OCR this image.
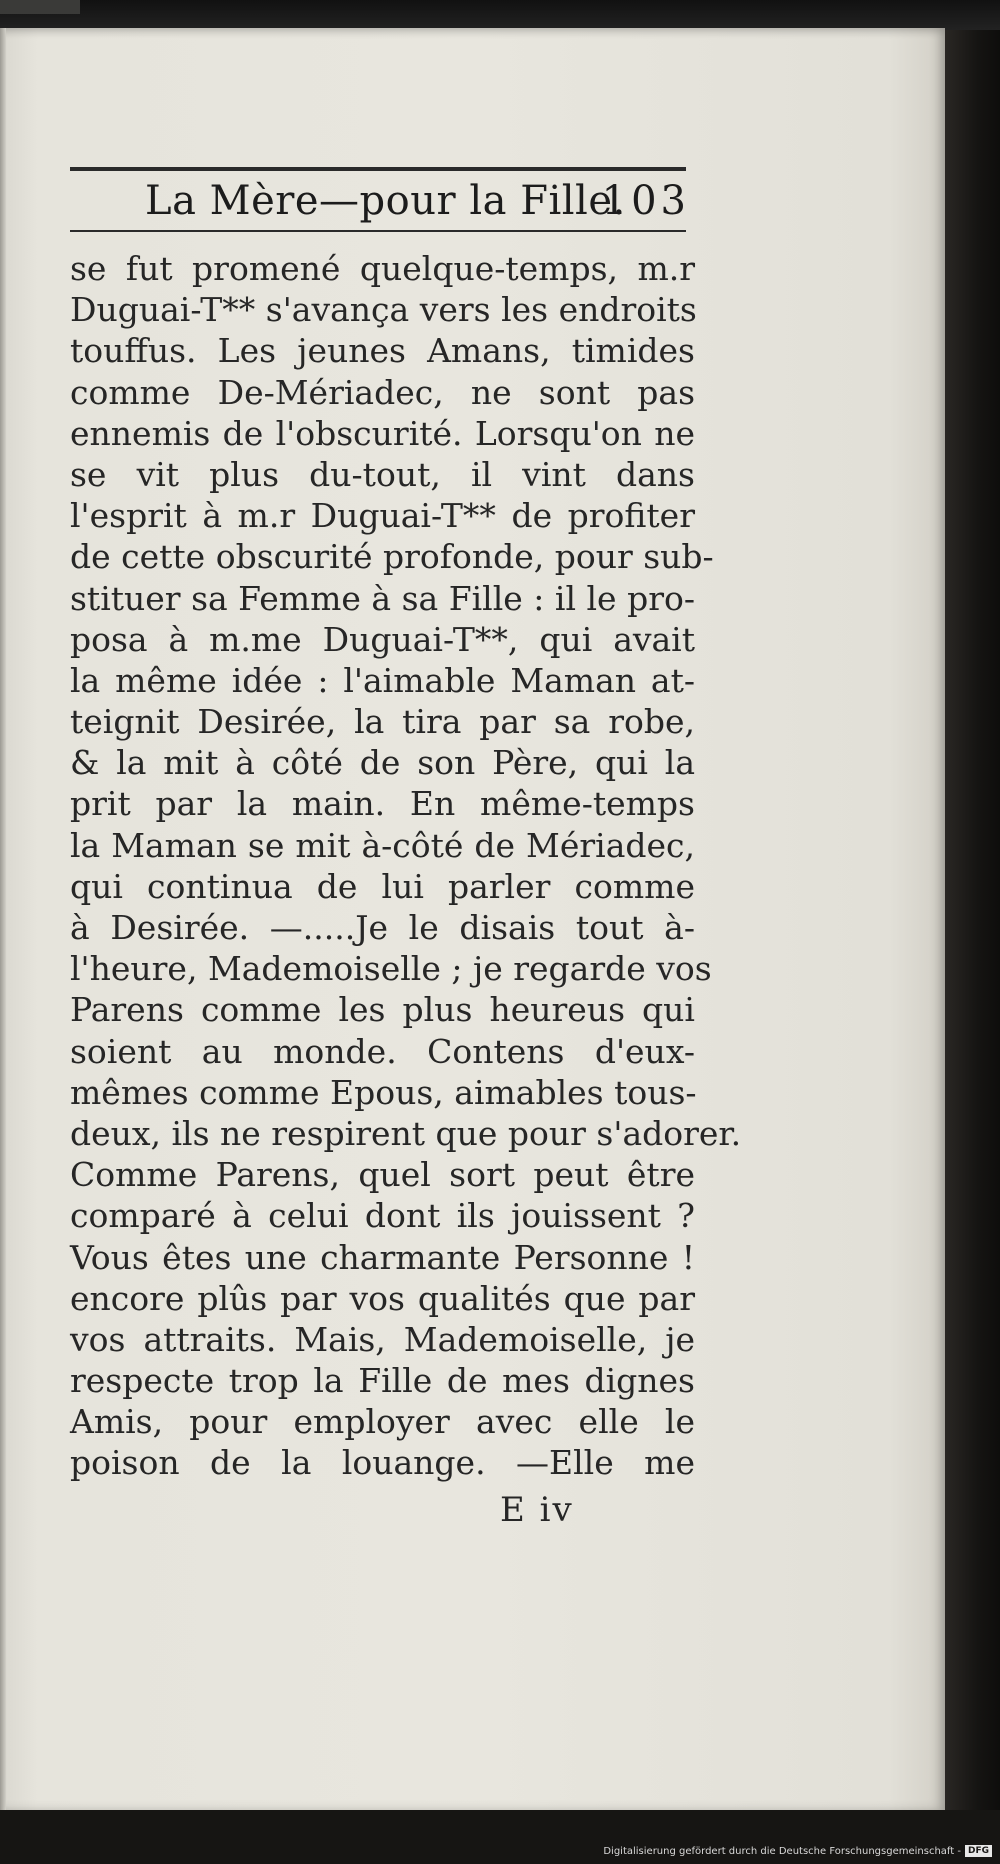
La Mère—pour la Fille.
103
se fut promené quelque-temps, m.r
Duguai-T** s'avança vers les endroits
touffus. Les jeunes Amans, timides
comme De-Mériadec, ne sont pas
ennemis de l'obscurité. Lorsqu'on ne
se vit plus du-tout, il vint dans
l'esprit à m.r Duguai-T** de profiter
de cette obscurité profonde, pour sub-
stituer sa Femme à sa Fille : il le pro-
posa à m.me Duguai-T**, qui avait
la même idée : l'aimable Maman at-
teignit Desirée, la tira par sa robe,
& la mit à côté de son Père, qui la
prit par la main. En même-temps
la Maman se mit à-côté de Mériadec,
qui continua de lui parler comme
à Desirée. —.....Je le disais tout à-
l'heure, Mademoiselle ; je regarde vos
Parens comme les plus heureus qui
soient au monde. Contens d'eux-
mêmes comme Epous, aimables tous-
deux, ils ne respirent que pour s'adorer.
Comme Parens, quel sort peut être
comparé à celui dont ils jouissent ?
Vous êtes une charmante Personne !
encore plûs par vos qualités que par
vos attraits. Mais, Mademoiselle, je
respecte trop la Fille de mes dignes
Amis, pour employer avec elle le
poison de la louange. —Elle me
E iv
Digitalisierung gefördert durch die Deutsche Forschungsgemeinschaft - DFG
